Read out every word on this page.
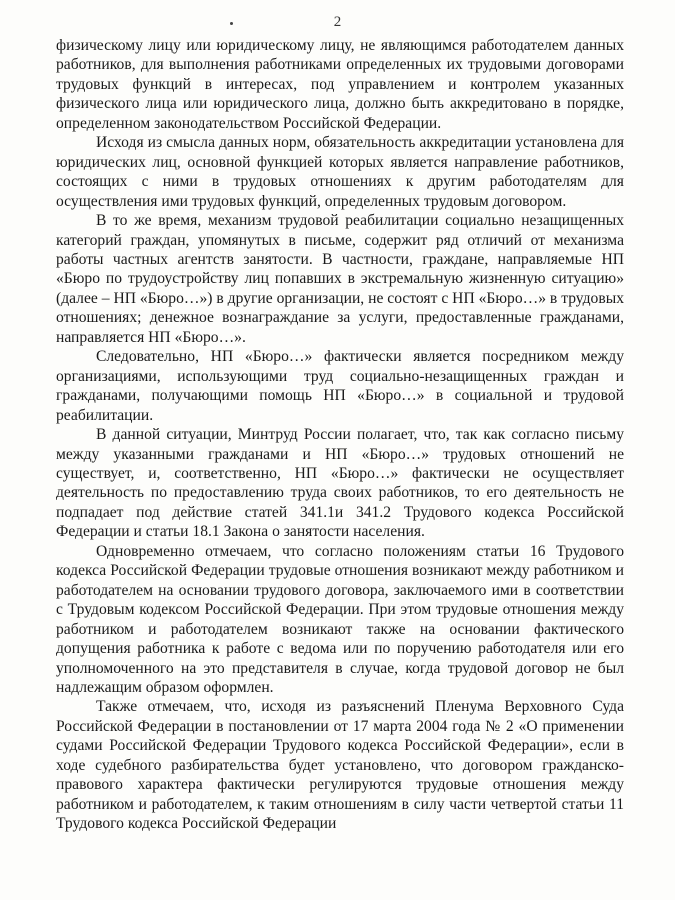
2

физическому лицу или юридическому лицу, не являющимся работодателем данных работников, для выполнения работниками определенных их трудовыми договорами трудовых функций в интересах, под управлением и контролем указанных физического лица или юридического лица, должно быть аккредитовано в порядке, определенном законодательством Российской Федерации.

Исходя из смысла данных норм, обязательность аккредитации установлена для юридических лиц, основной функцией которых является направление работников, состоящих с ними в трудовых отношениях к другим работодателям для осуществления ими трудовых функций, определенных трудовым договором.

В то же время, механизм трудовой реабилитации социально незащищенных категорий граждан, упомянутых в письме, содержит ряд отличий от механизма работы частных агентств занятости. В частности, граждане, направляемые НП «Бюро по трудоустройству лиц попавших в экстремальную жизненную ситуацию» (далее – НП «Бюро…») в другие организации, не состоят с НП «Бюро…» в трудовых отношениях; денежное вознаграждание за услуги, предоставленные гражданами, направляется НП «Бюро…».

Следовательно, НП «Бюро…» фактически является посредником между организациями, использующими труд социально-незащищенных граждан и гражданами, получающими помощь НП «Бюро…» в социальной и трудовой реабилитации.

В данной ситуации, Минтруд России полагает, что, так как согласно письму между указанными гражданами и НП «Бюро…» трудовых отношений не существует, и, соответственно, НП «Бюро…» фактически не осуществляет деятельность по предоставлению труда своих работников, то его деятельность не подпадает под действие статей 341.1и 341.2 Трудового кодекса Российской Федерации и статьи 18.1 Закона о занятости населения.

Одновременно отмечаем, что согласно положениям статьи 16 Трудового кодекса Российской Федерации трудовые отношения возникают между работником и работодателем на основании трудового договора, заключаемого ими в соответствии с Трудовым кодексом Российской Федерации. При этом трудовые отношения между работником и работодателем возникают также на основании фактического допущения работника к работе с ведома или по поручению работодателя или его уполномоченного на это представителя в случае, когда трудовой договор не был надлежащим образом оформлен.

Также отмечаем, что, исходя из разъяснений Пленума Верховного Суда Российской Федерации в постановлении от 17 марта 2004 года № 2 «О применении судами Российской Федерации Трудового кодекса Российской Федерации», если в ходе судебного разбирательства будет установлено, что договором гражданско-правового характера фактически регулируются трудовые отношения между работником и работодателем, к таким отношениям в силу части четвертой статьи 11 Трудового кодекса Российской Федерации
